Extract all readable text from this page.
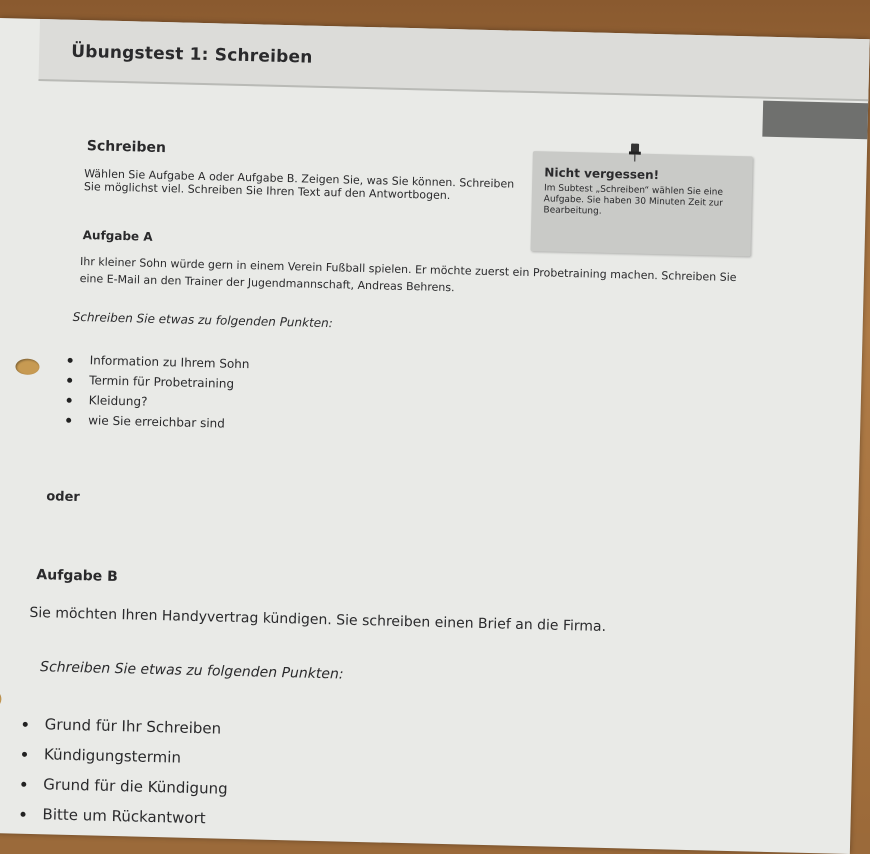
Übungstest 1: Schreiben
Schreiben
Wählen Sie Aufgabe A oder Aufgabe B. Zeigen Sie, was Sie können. Schreiben Sie möglichst viel. Schreiben Sie Ihren Text auf den Antwortbogen.
Nicht vergessen!
Im Subtest „Schreiben“ wählen Sie eine Aufgabe. Sie haben 30 Minuten Zeit zur Bearbeitung.
Aufgabe A
Ihr kleiner Sohn würde gern in einem Verein Fußball spielen. Er möchte zuerst ein Probetraining machen. Schreiben Sie eine E-Mail an den Trainer der Jugendmannschaft, Andreas Behrens.
Schreiben Sie etwas zu folgenden Punkten:
Information zu Ihrem Sohn
Termin für Probetraining
Kleidung?
wie Sie erreichbar sind
oder
Aufgabe B
Sie möchten Ihren Handyvertrag kündigen. Sie schreiben einen Brief an die Firma.
Schreiben Sie etwas zu folgenden Punkten:
Grund für Ihr Schreiben
Kündigungstermin
Grund für die Kündigung
Bitte um Rückantwort
